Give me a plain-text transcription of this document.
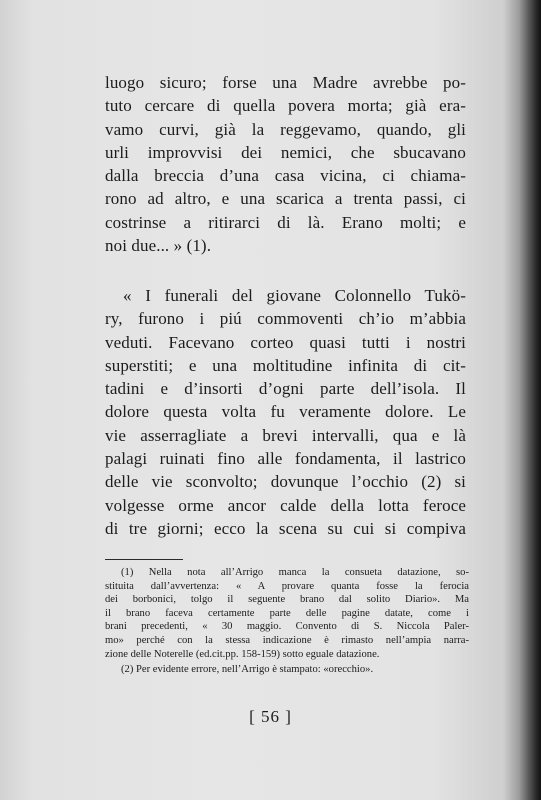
luogo sicuro; forse una Madre avrebbe po-
tuto cercare di quella povera morta; già era-
vamo curvi, già la reggevamo, quando, gli
urli improvvisi dei nemici, che sbucavano
dalla breccia d’una casa vicina, ci chiama-
rono ad altro, e una scarica a trenta passi, ci
costrinse a ritirarci di là. Erano molti; e
noi due... » (1).
« I funerali del giovane Colonnello Tukö-
ry, furono i piú commoventi ch’io m’abbia
veduti. Facevano corteo quasi tutti i nostri
superstiti; e una moltitudine infinita di cit-
tadini e d’insorti d’ogni parte dell’isola. Il
dolore questa volta fu veramente dolore. Le
vie asserragliate a brevi intervalli, qua e là
palagi ruinati fino alle fondamenta, il lastrico
delle vie sconvolto; dovunque l’occhio (2) si
volgesse orme ancor calde della lotta feroce
di tre giorni; ecco la scena su cui si compiva
(1) Nella nota all’Arrigo manca la consueta datazione, so-
stituita dall’avvertenza: « A provare quanta fosse la ferocia
dei borbonici, tolgo il seguente brano dal solito Diario». Ma
il brano faceva certamente parte delle pagine datate, come i
brani precedenti, « 30 maggio. Convento di S. Niccola Paler-
mo» perché con la stessa indicazione è rimasto nell’ampia narra-
zione delle Noterelle (ed.cit.pp. 158-159) sotto eguale datazione.
(2) Per evidente errore, nell’Arrigo è stampato: «orecchio».
[ 56 ]
